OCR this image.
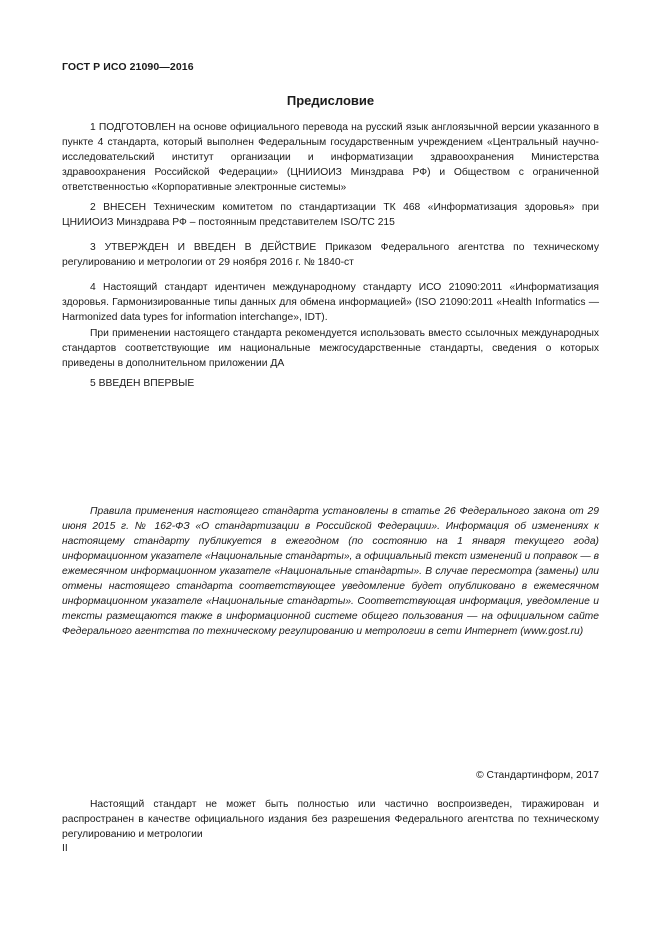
ГОСТ Р ИСО 21090—2016
Предисловие

1 ПОДГОТОВЛЕН на основе официального перевода на русский язык англоязычной версии указанного в пункте 4 стандарта, который выполнен Федеральным государственным учреждением «Центральный научно-исследовательский институт организации и информатизации здравоохранения Министерства здравоохранения Российской Федерации» (ЦНИИОИЗ Минздрава РФ) и Обществом с ограниченной ответственностью «Корпоративные электронные системы»

2 ВНЕСЕН Техническим комитетом по стандартизации ТК 468 «Информатизация здоровья» при ЦНИИОИЗ Минздрава РФ – постоянным представителем ISO/TC 215

3 УТВЕРЖДЕН И ВВЕДЕН В ДЕЙСТВИЕ Приказом Федерального агентства по техническому регулированию и метрологии от 29 ноября 2016 г. № 1840-ст

4 Настоящий стандарт идентичен международному стандарту ИСО 21090:2011 «Информатизация здоровья. Гармонизированные типы данных для обмена информацией» (ISO 21090:2011 «Health Informatics — Harmonized data types for information interchange», IDT).

При применении настоящего стандарта рекомендуется использовать вместо ссылочных международных стандартов соответствующие им национальные межгосударственные стандарты, сведения о которых приведены в дополнительном приложении ДА

5 ВВЕДЕН ВПЕРВЫЕ

Правила применения настоящего стандарта установлены в статье 26 Федерального закона от 29 июня 2015 г. № 162-ФЗ «О стандартизации в Российской Федерации». Информация об изменениях к настоящему стандарту публикуется в ежегодном (по состоянию на 1 января текущего года) информационном указателе «Национальные стандарты», а официальный текст изменений и поправок — в ежемесячном информационном указателе «Национальные стандарты». В случае пересмотра (замены) или отмены настоящего стандарта соответствующее уведомление будет опубликовано в ежемесячном информационном указателе «Национальные стандарты». Соответствующая информация, уведомление и тексты размещаются также в информационной системе общего пользования — на официальном сайте Федерального агентства по техническому регулированию и метрологии в сети Интернет (www.gost.ru)

© Стандартинформ, 2017

Настоящий стандарт не может быть полностью или частично воспроизведен, тиражирован и распространен в качестве официального издания без разрешения Федерального агентства по техническому регулированию и метрологии

II
